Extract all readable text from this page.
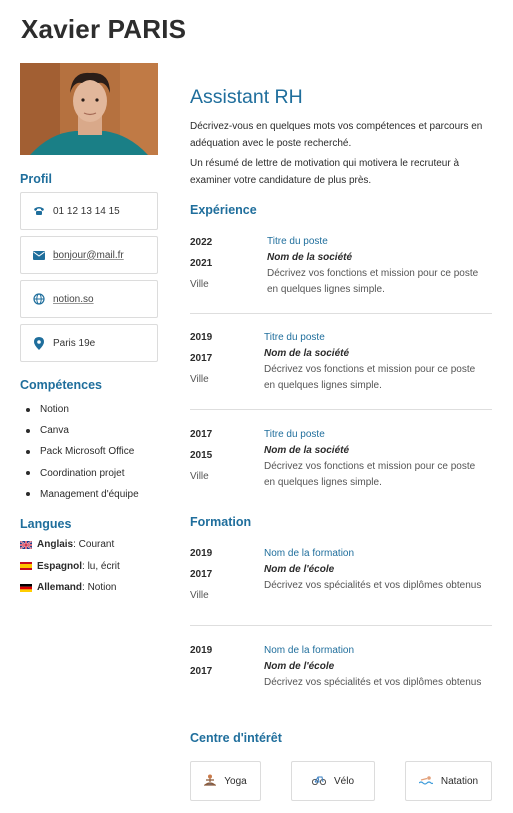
Xavier PARIS
Profil
01 12 13 14 15
bonjour@mail.fr
notion.so
Paris 19e
Compétences
Notion
Canva
Pack Microsoft Office
Coordination projet
Management d'équipe
Langues
Anglais : Courant
Espagnol : lu, écrit
Allemand : Notion
Assistant RH

Décrivez-vous en quelques mots vos compétences et parcours en adéquation avec le poste recherché.

Un résumé de lettre de motivation qui motivera le recruteur à examiner votre candidature de plus près.

Expérience
2022
2021
Ville
Titre du poste
Nom de la société
Décrivez vos fonctions et mission pour ce poste en quelques lignes simple.
2019
2017
Ville
Titre du poste
Nom de la société
Décrivez vos fonctions et mission pour ce poste en quelques lignes simple.
2017
2015
Ville
Titre du poste
Nom de la société
Décrivez vos fonctions et mission pour ce poste en quelques lignes simple.
Formation
2019
2017
Ville
Nom de la formation
Nom de l'école
Décrivez vos spécialités et vos diplômes obtenus
2019
2017
Nom de la formation
Nom de l'école
Décrivez vos spécialités et vos diplômes obtenus
Centre d'intérêt
Yoga	Vélo	Natation
